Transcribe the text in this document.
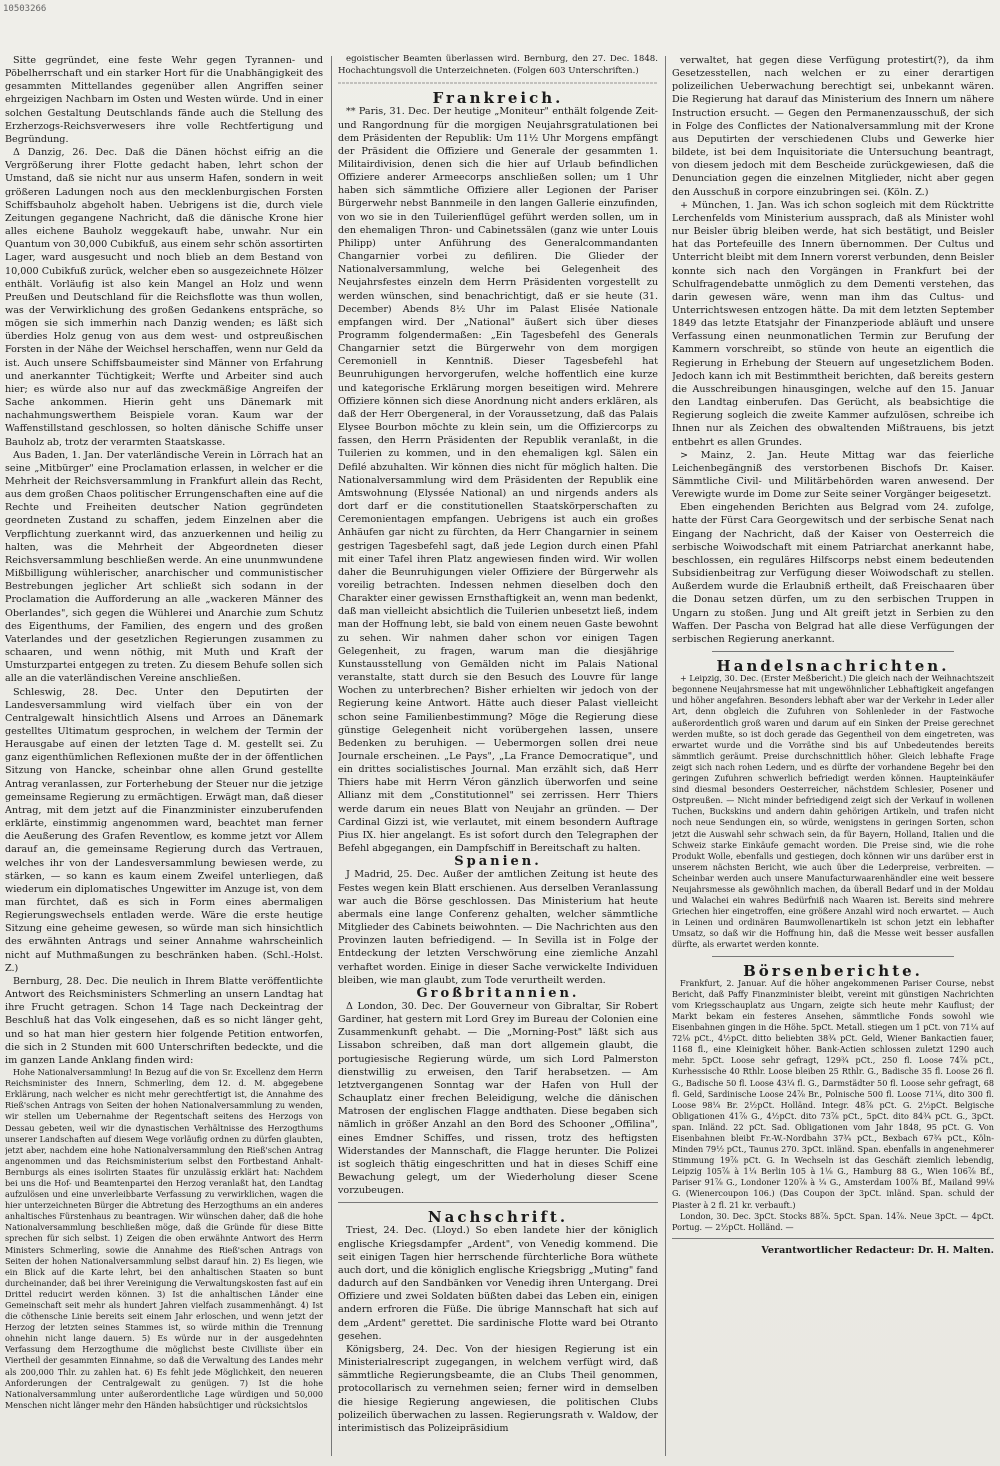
10503266

Sitte gegründet, eine feste Wehr gegen Tyrannen- und Pöbelherrschaft und ein starker Hort für die Unabhängigkeit des gesammten Mittellandes gegenüber allen Angriffen seiner ehrgeizigen Nachbarn im Osten und Westen würde. Und in einer solchen Gestaltung Deutschlands fände auch die Stellung des Erzherzogs-Reichsverwesers ihre volle Rechtfertigung und Begründung.

Δ Danzig, 26. Dec. Daß die Dänen höchst eifrig an die Vergrößerung ihrer Flotte gedacht haben, lehrt schon der Umstand, daß sie nicht nur aus unserm Hafen, sondern in weit größeren Ladungen noch aus den mecklenburgischen Forsten Schiffsbauholz abgeholt haben. Uebrigens ist die, durch viele Zeitungen gegangene Nachricht, daß die dänische Krone hier alles eichene Bauholz weggekauft habe, unwahr. Nur ein Quantum von 30,000 Cubikfuß, aus einem sehr schön assortirten Lager, ward ausgesucht und noch blieb an dem Bestand von 10,000 Cubikfuß zurück, welcher eben so ausgezeichnete Hölzer enthält. Vorläufig ist also kein Mangel an Holz und wenn Preußen und Deutschland für die Reichsflotte was thun wollen, was der Verwirklichung des großen Gedankens entspräche, so mögen sie sich immerhin nach Danzig wenden; es läßt sich überdies Holz genug von aus dem west- und ostpreußischen Forsten in der Nähe der Weichsel herschaffen, wenn nur Geld da ist. Auch unsere Schiffsbaumeister sind Männer von Erfahrung und anerkannter Tüchtigkeit; Werfte und Arbeiter sind auch hier; es würde also nur auf das zweckmäßige Angreifen der Sache ankommen. Hierin geht uns Dänemark mit nachahmungswerthem Beispiele voran. Kaum war der Waffenstillstand geschlossen, so holten dänische Schiffe unser Bauholz ab, trotz der verarmten Staatskasse.

Aus Baden, 1. Jan. Der vaterländische Verein in Lörrach hat an seine „Mitbürger" eine Proclamation erlassen, in welcher er die Mehrheit der Reichsversammlung in Frankfurt allein das Recht, aus dem großen Chaos politischer Errungenschaften eine auf die Rechte und Freiheiten deutscher Nation gegründeten geordneten Zustand zu schaffen, jedem Einzelnen aber die Verpflichtung zuerkannt wird, das anzuerkennen und heilig zu halten, was die Mehrheit der Abgeordneten dieser Reichsversammlung beschließen werde. An eine ununmwundene Mißbilligung wühlerischer, anarchischer und communistischer Bestrebungen jeglicher Art schließt sich sodann in der Proclamation die Aufforderung an alle „wackeren Männer des Oberlandes", sich gegen die Wühlerei und Anarchie zum Schutz des Eigenthums, der Familien, des engern und des großen Vaterlandes und der gesetzlichen Regierungen zusammen zu schaaren, und wenn nöthig, mit Muth und Kraft der Umsturzpartei entgegen zu treten. Zu diesem Behufe sollen sich alle an die vaterländischen Vereine anschließen.

Schleswig, 28. Dec. Unter den Deputirten der Landesversammlung wird vielfach über ein von der Centralgewalt hinsichtlich Alsens und Arroes an Dänemark gestelltes Ultimatum gesprochen, in welchem der Termin der Herausgabe auf einen der letzten Tage d. M. gestellt sei. Zu ganz eigenthümlichen Reflexionen mußte der in der öffentlichen Sitzung von Hancke, scheinbar ohne allen Grund gestellte Antrag veranlassen, zur Forterhebung der Steuer nur die jetzige gemeinsame Regierung zu ermächtigen. Erwägt man, daß dieser Antrag, mit dem jetzt auf die Finanzminister einzuberufenden erklärte, einstimmig angenommen ward, beachtet man ferner die Aeußerung des Grafen Reventlow, es komme jetzt vor Allem darauf an, die gemeinsame Regierung durch das Vertrauen, welches ihr von der Landesversammlung bewiesen werde, zu stärken, — so kann es kaum einem Zweifel unterliegen, daß wiederum ein diplomatisches Ungewitter im Anzuge ist, von dem man fürchtet, daß es sich in Form eines abermaligen Regierungswechsels entladen werde. Wäre die erste heutige Sitzung eine geheime gewesen, so würde man sich hinsichtlich des erwähnten Antrags und seiner Annahme wahrscheinlich nicht auf Muthmaßungen zu beschränken haben. (Schl.-Holst. Z.)

Bernburg, 28. Dec. Die neulich in Ihrem Blatte veröffentlichte Antwort des Reichsministers Schmerling an unsern Landtag hat ihre Frucht getragen. Schon 14 Tage nach Deckeintrag der Beschluß hat das Volk eingesehen, daß es so nicht länger geht, und so hat man hier gestern hier folgende Petition entworfen, die sich in 2 Stunden mit 600 Unterschriften bedeckte, und die im ganzen Lande Anklang finden wird:

Hohe Nationalversammlung! In Bezug auf die von Sr. Excellenz dem Herrn Reichsminister des Innern, Schmerling, dem 12. d. M. abgegebene Erklärung, nach welcher es nicht mehr gerechtfertigt ist, die Annahme des Rieß'schen Antrags von Seiten der hohen Nationalversammlung zu wenden, wir stellen um Uebernahme der Regentschaft seitens des Herzogs von Dessau gebeten, weil wir die dynastischen Verhältnisse des Herzogthums unserer Landschaften auf diesem Wege vorläufig ordnen zu dürfen glaubten, jetzt aber, nachdem eine hohe Nationalversammlung den Rieß'schen Antrag angenommen und das Reichsministerium selbst den Fortbestand Anhalt-Bernburgs als eines isolirten Staates für unzulässig erklärt hat: Nachdem bei uns die Hof- und Beamtenpartei den Herzog veranlaßt hat, den Landtag aufzulösen und eine unverleibbarte Verfassung zu verwirklichen, wagen die hier unterzeichneten Bürger die Abtretung des Herzogthums an ein anderes anhaltisches Fürstenhaus zu beantragen. Wir wünschen daher, daß die hohe Nationalversammlung beschließen möge, daß die Gründe für diese Bitte sprechen für sich selbst. 1) Zeigen die oben erwähnte Antwort des Herrn Ministers Schmerling, sowie die Annahme des Rieß'schen Antrags von Seiten der hohen Nationalversammlung selbst darauf hin. 2) Es liegen, wie ein Blick auf die Karte lehrt, bei den anhaltischen Staaten so bunt durcheinander, daß bei ihrer Vereinigung die Verwaltungskosten fast auf ein Drittel reducirt werden können. 3) Ist die anhaltischen Länder eine Gemeinschaft seit mehr als hundert Jahren vielfach zusammenhängt. 4) Ist die cöthensche Linie bereits seit einem Jahr erloschen, und wenn jetzt der Herzog der letzten seines Stammes ist, so würde mithin die Trennung ohnehin nicht lange dauern. 5) Es würde nur in der ausgedehnten Verfassung dem Herzogthume die möglichst beste Civilliste über ein Viertheil der gesammten Einnahme, so daß die Verwaltung des Landes mehr als 200,000 Thlr. zu zahlen hat. 6) Es fehlt jede Möglichkeit, den neueren Anforderungen der Centralgewalt zu genügen. 7) Ist die hohe Nationalversammlung unter außerordentliche Lage würdigen und 50,000 Menschen nicht länger mehr den Händen habsüchtiger und rücksichtslos

egoistischer Beamten überlassen wird. Bernburg, den 27. Dec. 1848. Hochachtungsvoll die Unterzeichneten. (Folgen 603 Unterschriften.)

Frankreich.

** Paris, 31. Dec. Der heutige „Moniteur" enthält folgende Zeit- und Rangordnung für die morgigen Neujahrsgratulationen bei dem Präsidenten der Republik: Um 11½ Uhr Morgens empfängt der Präsident die Offiziere und Generale der gesammten 1. Militairdivision, denen sich die hier auf Urlaub befindlichen Offiziere anderer Armeecorps anschließen sollen; um 1 Uhr haben sich sämmtliche Offiziere aller Legionen der Pariser Bürgerwehr nebst Bannmeile in den langen Gallerie einzufinden, von wo sie in den Tuilerienflügel geführt werden sollen, um in den ehemaligen Thron- und Cabinetssälen (ganz wie unter Louis Philipp) unter Anführung des Generalcommandanten Changarnier vorbei zu defiliren. Die Glieder der Nationalversammlung, welche bei Gelegenheit des Neujahrsfestes einzeln dem Herrn Präsidenten vorgestellt zu werden wünschen, sind benachrichtigt, daß er sie heute (31. December) Abends 8½ Uhr im Palast Elisée Nationale empfangen wird. Der „National" äußert sich über dieses Programm folgendermaßen: „Ein Tagesbefehl des Generals Changarnier setzt die Bürgerwehr von dem morgigen Ceremoniell in Kenntniß. Dieser Tagesbefehl hat Beunruhigungen hervorgerufen, welche hoffentlich eine kurze und kategorische Erklärung morgen beseitigen wird. Mehrere Offiziere können sich diese Anordnung nicht anders erklären, als daß der Herr Obergeneral, in der Voraussetzung, daß das Palais Elysee Bourbon möchte zu klein sein, um die Offiziercorps zu fassen, den Herrn Präsidenten der Republik veranlaßt, in die Tuilerien zu kommen, und in den ehemaligen kgl. Sälen ein Defilé abzuhalten. Wir können dies nicht für möglich halten. Die Nationalversammlung wird dem Präsidenten der Republik eine Amtswohnung (Elyssée National) an und nirgends anders als dort darf er die constitutionellen Staatskörperschaften zu Ceremonientagen empfangen. Uebrigens ist auch ein großes Anhäufen gar nicht zu fürchten, da Herr Changarnier in seinem gestrigen Tagesbefehl sagt, daß jede Legion durch einen Pfahl mit einer Tafel ihren Platz angewiesen finden wird. Wir wollen daher die Beunruhigungen vieler Offiziere der Bürgerwehr als voreilig betrachten. Indessen nehmen dieselben doch den Charakter einer gewissen Ernsthaftigkeit an, wenn man bedenkt, daß man vielleicht absichtlich die Tuilerien unbesetzt ließ, indem man der Hoffnung lebt, sie bald von einem neuen Gaste bewohnt zu sehen. Wir nahmen daher schon vor einigen Tagen Gelegenheit, zu fragen, warum man die diesjährige Kunstausstellung von Gemälden nicht im Palais National veranstalte, statt durch sie den Besuch des Louvre für lange Wochen zu unterbrechen? Bisher erhielten wir jedoch von der Regierung keine Antwort. Hätte auch dieser Palast vielleicht schon seine Familienbestimmung? Möge die Regierung diese günstige Gelegenheit nicht vorübergehen lassen, unsere Bedenken zu beruhigen. — Uebermorgen sollen drei neue Journale erscheinen. „Le Pays", „La France Democratique", und ein drittes socialistisches Journal. Man erzählt sich, daß Herr Thiers habe mit Herrn Véron gänzlich überworfen und seine Allianz mit dem „Constitutionnel" sei zerrissen. Herr Thiers werde darum ein neues Blatt von Neujahr an gründen. — Der Cardinal Gizzi ist, wie verlautet, mit einem besondern Auftrage Pius IX. hier angelangt. Es ist sofort durch den Telegraphen der Befehl abgegangen, ein Dampfschiff in Bereitschaft zu halten.

Spanien.

J Madrid, 25. Dec. Außer der amtlichen Zeitung ist heute des Festes wegen kein Blatt erschienen. Aus derselben Veranlassung war auch die Börse geschlossen. Das Ministerium hat heute abermals eine lange Conferenz gehalten, welcher sämmtliche Mitglieder des Cabinets beiwohnten. — Die Nachrichten aus den Provinzen lauten befriedigend. — In Sevilla ist in Folge der Entdeckung der letzten Verschwörung eine ziemliche Anzahl verhaftet worden. Einige in dieser Sache verwickelte Individuen bleiben, wie man glaubt, zum Tode verurtheilt werden.

Großbritannien.

Δ London, 30. Dec. Der Gouverneur von Gibraltar, Sir Robert Gardiner, hat gestern mit Lord Grey im Bureau der Colonien eine Zusammenkunft gehabt. — Die „Morning-Post" läßt sich aus Lissabon schreiben, daß man dort allgemein glaubt, die portugiesische Regierung würde, um sich Lord Palmerston dienstwillig zu erweisen, den Tarif herabsetzen. — Am letztvergangenen Sonntag war der Hafen von Hull der Schauplatz einer frechen Beleidigung, welche die dänischen Matrosen der englischen Flagge andthaten. Diese begaben sich nämlich in größer Anzahl an den Bord des Schooner „Offilina", eines Emdner Schiffes, und rissen, trotz des heftigsten Widerstandes der Mannschaft, die Flagge herunter. Die Polizei ist sogleich thätig eingeschritten und hat in dieses Schiff eine Bewachung gelegt, um der Wiederholung dieser Scene vorzubeugen.

Nachschrift.

Triest, 24. Dec. (Lloyd.) So eben landete hier der königlich englische Kriegsdampfer „Ardent", von Venedig kommend. Die seit einigen Tagen hier herrschende fürchterliche Bora wüthete auch dort, und die königlich englische Kriegsbrigg „Muting" fand dadurch auf den Sandbänken vor Venedig ihren Untergang. Drei Offiziere und zwei Soldaten büßten dabei das Leben ein, einigen andern erfroren die Füße. Die übrige Mannschaft hat sich auf dem „Ardent" gerettet. Die sardinische Flotte ward bei Otranto gesehen.

Königsberg, 24. Dec. Von der hiesigen Regierung ist ein Ministerialrescript zugegangen, in welchem verfügt wird, daß sämmtliche Regierungsbeamte, die an Clubs Theil genommen, protocollarisch zu vernehmen seien; ferner wird in demselben die hiesige Regierung angewiesen, die politischen Clubs polizeilich überwachen zu lassen. Regierungsrath v. Waldow, der interimistisch das Polizeipräsidium

verwaltet, hat gegen diese Verfügung protestirt(?), da ihm Gesetzesstellen, nach welchen er zu einer derartigen polizeilichen Ueberwachung berechtigt sei, unbekannt wären. Die Regierung hat darauf das Ministerium des Innern um nähere Instruction ersucht. — Gegen den Permanenzausschuß, der sich in Folge des Conflictes der Nationalversammlung mit der Krone aus Deputirten der verschiedenen Clubs und Gewerke hier bildete, ist bei dem Inquisitoriate die Untersuchung beantragt, von diesem jedoch mit dem Bescheide zurückgewiesen, daß die Denunciation gegen die einzelnen Mitglieder, nicht aber gegen den Ausschuß in corpore einzubringen sei. (Köln. Z.)

+ München, 1. Jan. Was ich schon sogleich mit dem Rücktritte Lerchenfelds vom Ministerium aussprach, daß als Minister wohl nur Beisler übrig bleiben werde, hat sich bestätigt, und Beisler hat das Portefeuille des Innern übernommen. Der Cultus und Unterricht bleibt mit dem Innern vorerst verbunden, denn Beisler konnte sich nach den Vorgängen in Frankfurt bei der Schulfragendebatte unmöglich zu dem Dementi verstehen, das darin gewesen wäre, wenn man ihm das Cultus- und Unterrichtswesen entzogen hätte. Da mit dem letzten September 1849 das letzte Etatsjahr der Finanzperiode abläuft und unsere Verfassung einen neunmonatlichen Termin zur Berufung der Kammern vorschreibt, so stünde von heute an eigentlich die Regierung in Erhebung der Steuern auf ungesetzlichem Boden. Jedoch kann ich mit Bestimmtheit berichten, daß bereits gestern die Ausschreibungen hinausgingen, welche auf den 15. Januar den Landtag einberufen. Das Gerücht, als beabsichtige die Regierung sogleich die zweite Kammer aufzulösen, schreibe ich Ihnen nur als Zeichen des obwaltenden Mißtrauens, bis jetzt entbehrt es allen Grundes.

> Mainz, 2. Jan. Heute Mittag war das feierliche Leichenbegängniß des verstorbenen Bischofs Dr. Kaiser. Sämmtliche Civil- und Militärbehörden waren anwesend. Der Verewigte wurde im Dome zur Seite seiner Vorgänger beigesetzt.

Eben eingehenden Berichten aus Belgrad vom 24. zufolge, hatte der Fürst Cara Georgewitsch und der serbische Senat nach Eingang der Nachricht, daß der Kaiser von Oesterreich die serbische Woiwodschaft mit einem Patriarchat anerkannt habe, beschlossen, ein reguläres Hilfscorps nebst einem bedeutenden Subsidienbeitrag zur Verfügung dieser Woiwodschaft zu stellen. Außerdem wurde die Erlaubniß ertheilt, daß Freischaaren über die Donau setzen dürfen, um zu den serbischen Truppen in Ungarn zu stoßen. Jung und Alt greift jetzt in Serbien zu den Waffen. Der Pascha von Belgrad hat alle diese Verfügungen der serbischen Regierung anerkannt.

Handelsnachrichten.

+ Leipzig, 30. Dec. (Erster Meßbericht.) Die gleich nach der Weihnachtszeit begonnene Neujahrsmesse hat mit ungewöhnlicher Lebhaftigkeit angefangen und höher angefahren. Besonders lebhaft aber war der Verkehr in Leder aller Art, denn obgleich die Zufuhren von Sohlenleder in der Fastwoche außerordentlich groß waren und darum auf ein Sinken der Preise gerechnet werden mußte, so ist doch gerade das Gegentheil von dem eingetreten, was erwartet wurde und die Vorräthe sind bis auf Unbedeutendes bereits sämmtlich geräumt. Preise durchschnittlich höher. Gleich lebhafte Frage zeigt sich nach rohen Ledern, und es dürfte der vorhandene Begehr bei den geringen Zufuhren schwerlich befriedigt werden können. Haupteinkäufer sind diesmal besonders Oesterreicher, nächstdem Schlesier, Posener und Ostpreußen. — Nicht minder befriedigend zeigt sich der Verkauf in wollenen Tuchen, Buckskins und andern dahin gehörigen Artikeln, und trafen nicht noch neue Sendungen ein, so würde, wenigstens in geringen Sorten, schon jetzt die Auswahl sehr schwach sein, da für Bayern, Holland, Italien und die Schweiz starke Einkäufe gemacht worden. Die Preise sind, wie die rohe Produkt Wolle, ebenfalls und gestiegen, doch können wir uns darüber erst in unserem nächsten Bericht, wie auch über die Lederpreise, verbreiten. — Scheinbar werden auch unsere Manufacturwaarenhändler eine weit bessere Neujahrsmesse als gewöhnlich machen, da überall Bedarf und in der Moldau und Walachei ein wahres Bedürfniß nach Waaren ist. Bereits sind mehrere Griechen hier eingetroffen, eine größere Anzahl wird noch erwartet. — Auch in Leinen und ordinären Baumwollenartikeln ist schon jetzt ein lebhafter Umsatz, so daß wir die Hoffnung hin, daß die Messe weit besser ausfallen dürfte, als erwartet werden konnte.

Börsenberichte.

Frankfurt, 2. Januar. Auf die höher angekommenen Pariser Course, nebst Bericht, daß Paffy Finanzminister bleibt, vereint mit günstigen Nachrichten vom Kriegsschauplatz aus Ungarn, zeigte sich heute mehr Kauflust; der Markt bekam ein festeres Ansehen, sämmtliche Fonds sowohl wie Eisenbahnen gingen in die Höhe. 5pCt. Metall. stiegen um 1 pCt. von 71¼ auf 72⅛ pCt., 4½pCt. ditto beliebten 38¾ pCt. Geld, Wiener Bankactien fauer, 1168 fl., eine Kleinigkeit höher. Bank-Actien schlossen zuletzt 1290 auch mehr. 5pCt. Loose sehr gefragt, 129¾ pCt., 250 fl. Loose 74⅞ pCt., Kurhessische 40 Rthlr. Loose bleiben 25 Rthlr. G., Badische 35 fl. Loose 26 fl. G., Badische 50 fl. Loose 43¼ fl. G., Darmstädter 50 fl. Loose sehr gefragt, 68 fl. Geld, Sardinische Loose 24⅞ Br., Polnische 500 fl. Loose 71¼, dito 300 fl. Loose 98¼ Br. 2½pCt. Holländ. Integr. 48⅞ pCt. G. 2½pCt. Belgische Obligationen 41⅞ G., 4½pCt. dito 73⅞ pCt., 5pCt. dito 84¾ pCt. G., 3pCt. span. Inländ. 22 pCt. Sad. Obligationen vom Jahr 1848, 95 pCt. G. Von Eisenbahnen bleibt Fr.-W.-Nordbahn 37¾ pCt., Bexbach 67¾ pCt., Köln-Minden 79½ pCt., Taunus 270. 3pCt. inländ. Span. ebenfalls in angenehmerer Stimmung 19⅞ pCt. G. In Wechseln ist das Geschäft ziemlich lebendig, Leipzig 105⅞ à 1¼ Berlin 105 à 1⅛ G., Hamburg 88 G., Wien 106⅞ Bf., Pariser 91⅞ G., Londoner 120⅞ à ¼ G., Amsterdam 100⅞ Bf., Mailand 99⅛ G. (Wienercoupon 106.) (Das Coupon der 3pCt. inländ. Span. schuld der Piaster à 2 fl. 21 kr. verbauft.)

London, 30. Dec. 3pCt. Stocks 88⅞. 5pCt. Span. 14⅞. Neue 3pCt. — 4pCt. Portug. — 2½pCt. Holländ. —

Verantwortlicher Redacteur: Dr. H. Malten.
